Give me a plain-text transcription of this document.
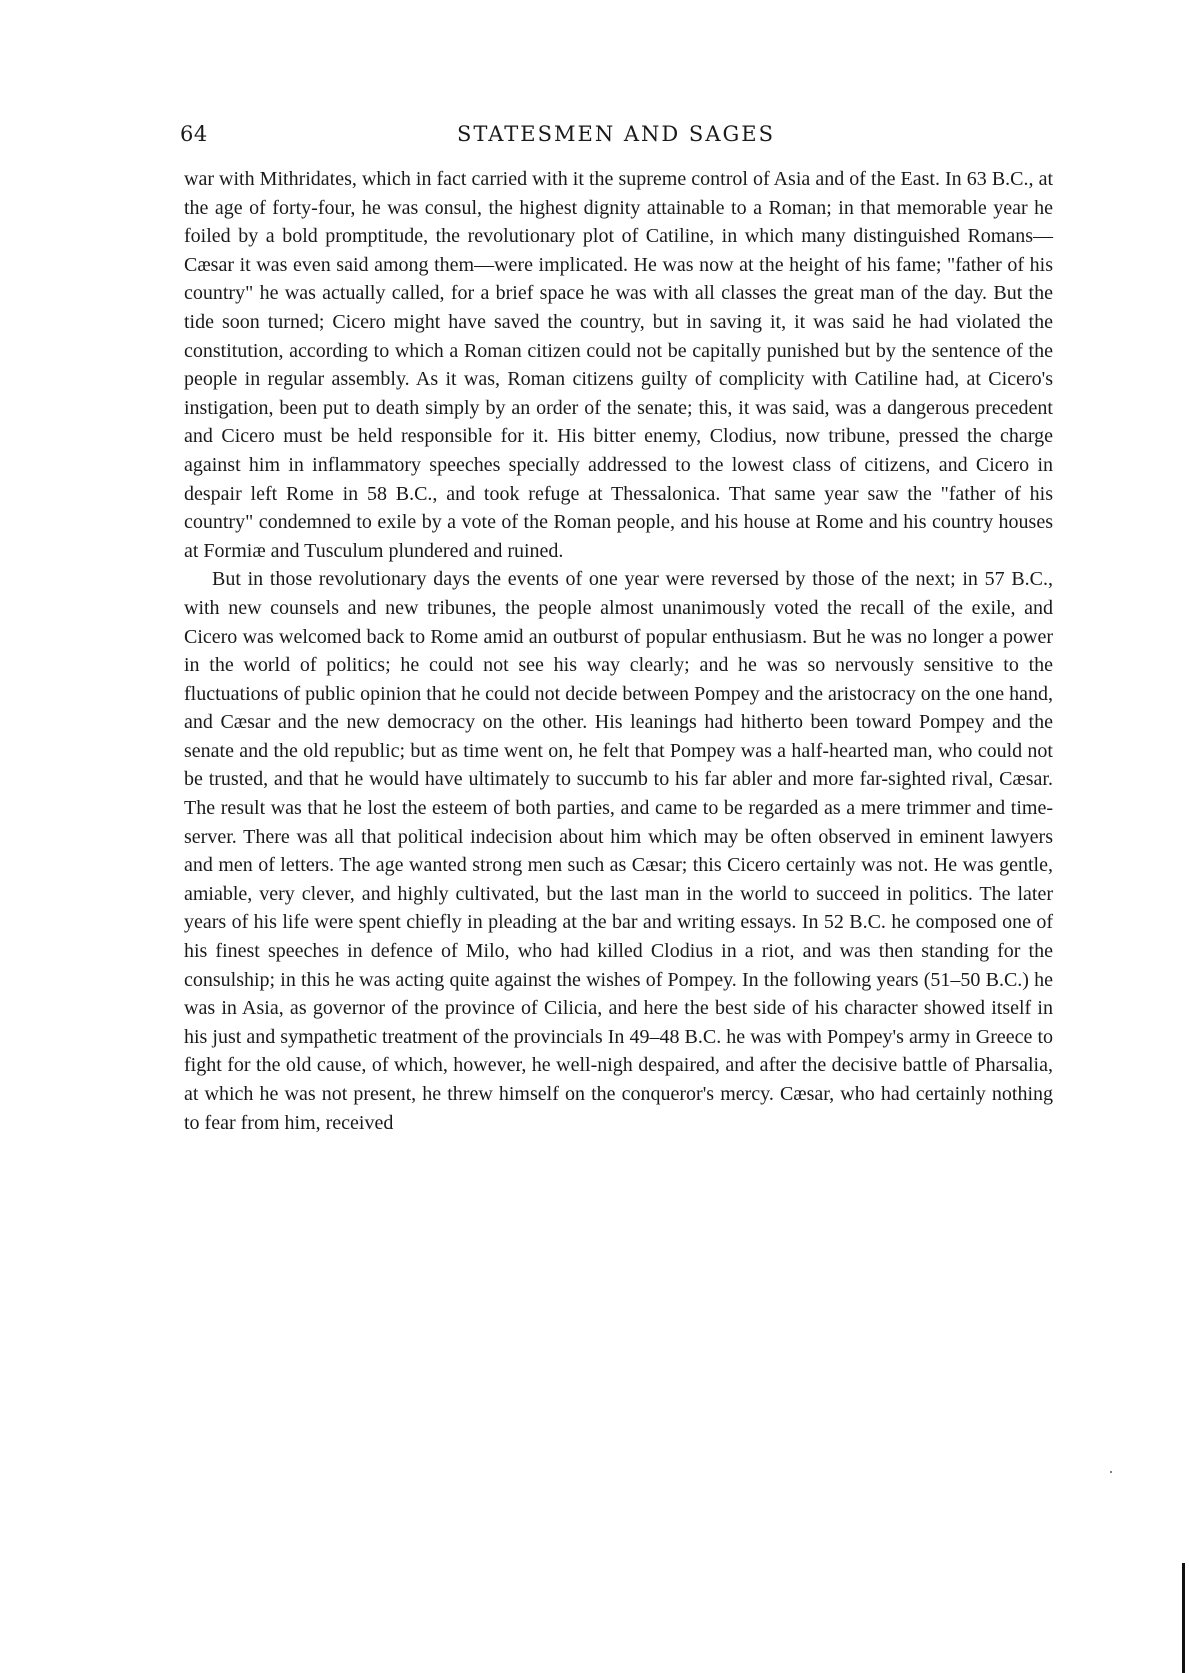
64	STATESMEN AND SAGES

war with Mithridates, which in fact carried with it the supreme control of Asia and of the East. In 63 B.C., at the age of forty-four, he was consul, the highest dignity attainable to a Roman; in that memorable year he foiled by a bold promptitude, the revolutionary plot of Catiline, in which many distinguished Romans—Cæsar it was even said among them—were implicated. He was now at the height of his fame; "father of his country" he was actually called, for a brief space he was with all classes the great man of the day. But the tide soon turned; Cicero might have saved the country, but in saving it, it was said he had violated the constitution, according to which a Roman citizen could not be capitally punished but by the sentence of the people in regular assembly. As it was, Roman citizens guilty of complicity with Catiline had, at Cicero's instigation, been put to death simply by an order of the senate; this, it was said, was a dangerous precedent and Cicero must be held responsible for it. His bitter enemy, Clodius, now tribune, pressed the charge against him in inflammatory speeches specially addressed to the lowest class of citizens, and Cicero in despair left Rome in 58 B.C., and took refuge at Thessalonica. That same year saw the "father of his country" condemned to exile by a vote of the Roman people, and his house at Rome and his country houses at Formiæ and Tusculum plundered and ruined.

But in those revolutionary days the events of one year were reversed by those of the next; in 57 B.C., with new counsels and new tribunes, the people almost unanimously voted the recall of the exile, and Cicero was welcomed back to Rome amid an outburst of popular enthusiasm. But he was no longer a power in the world of politics; he could not see his way clearly; and he was so nervously sensitive to the fluctuations of public opinion that he could not decide between Pompey and the aristocracy on the one hand, and Cæsar and the new democracy on the other. His leanings had hitherto been toward Pompey and the senate and the old republic; but as time went on, he felt that Pompey was a half-hearted man, who could not be trusted, and that he would have ultimately to succumb to his far abler and more far-sighted rival, Cæsar. The result was that he lost the esteem of both parties, and came to be regarded as a mere trimmer and time-server. There was all that political indecision about him which may be often observed in eminent lawyers and men of letters. The age wanted strong men such as Cæsar; this Cicero certainly was not. He was gentle, amiable, very clever, and highly cultivated, but the last man in the world to succeed in politics. The later years of his life were spent chiefly in pleading at the bar and writing essays. In 52 B.C. he composed one of his finest speeches in defence of Milo, who had killed Clodius in a riot, and was then standing for the consulship; in this he was acting quite against the wishes of Pompey. In the following years (51–50 B.C.) he was in Asia, as governor of the province of Cilicia, and here the best side of his character showed itself in his just and sympathetic treatment of the provincials In 49–48 B.C. he was with Pompey's army in Greece to fight for the old cause, of which, however, he well-nigh despaired, and after the decisive battle of Pharsalia, at which he was not present, he threw himself on the conqueror's mercy. Cæsar, who had certainly nothing to fear from him, received
